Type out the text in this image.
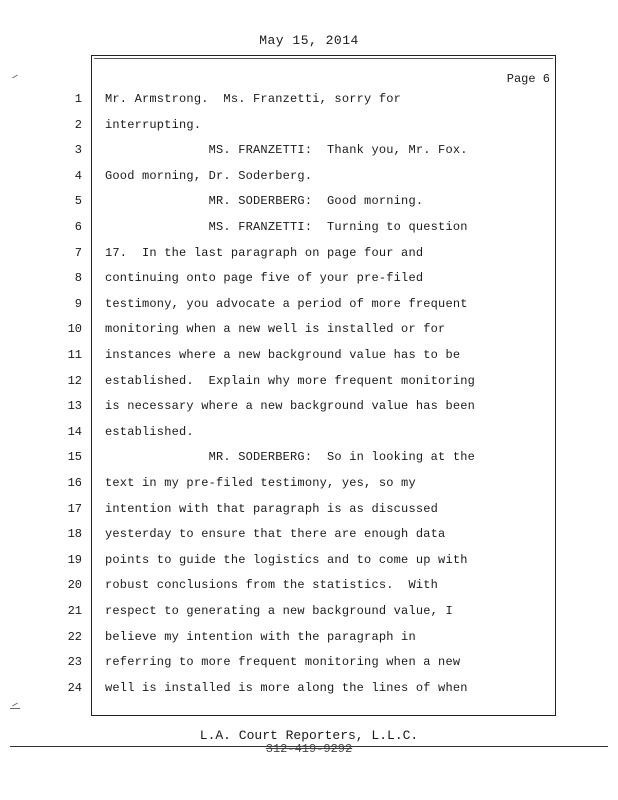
May 15, 2014
Page 6
1 Mr. Armstrong.  Ms. Franzetti, sorry for
2 interrupting.
3 MS. FRANZETTI:  Thank you, Mr. Fox.
4 Good morning, Dr. Soderberg.
5 MR. SODERBERG:  Good morning.
6 MS. FRANZETTI:  Turning to question
7 17.  In the last paragraph on page four and
8 continuing onto page five of your pre-filed
9 testimony, you advocate a period of more frequent
10 monitoring when a new well is installed or for
11 instances where a new background value has to be
12 established.  Explain why more frequent monitoring
13 is necessary where a new background value has been
14 established.
15 MR. SODERBERG:  So in looking at the
16 text in my pre-filed testimony, yes, so my
17 intention with that paragraph is as discussed
18 yesterday to ensure that there are enough data
19 points to guide the logistics and to come up with
20 robust conclusions from the statistics.  With
21 respect to generating a new background value, I
22 believe my intention with the paragraph in
23 referring to more frequent monitoring when a new
24 well is installed is more along the lines of when
L.A. Court Reporters, L.L.C.
312-419-9292
